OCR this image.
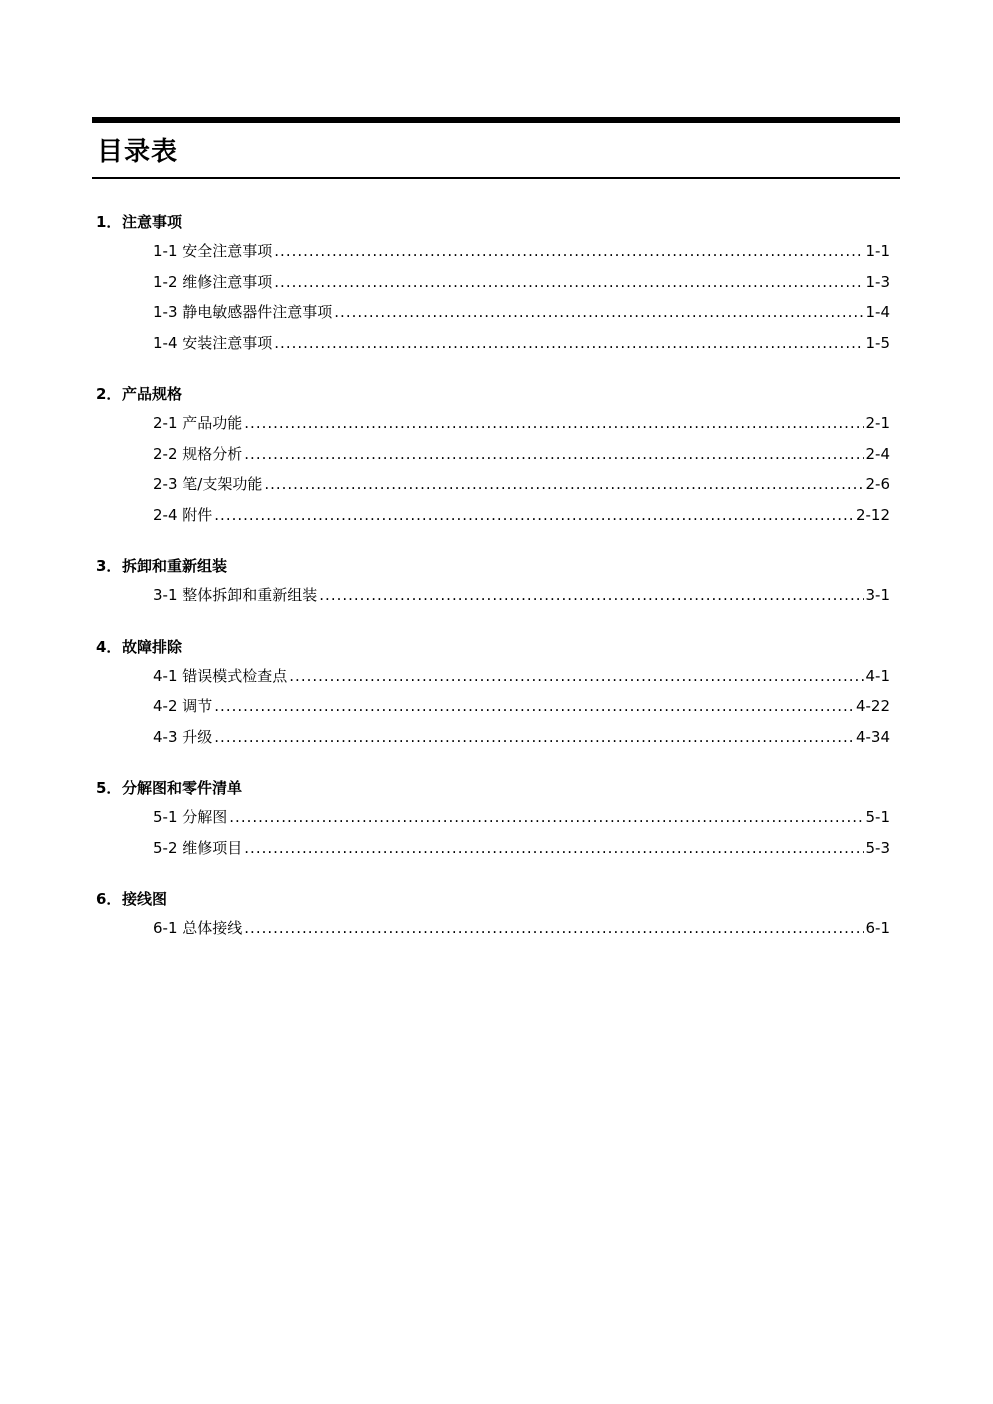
目录表
1． 注意事项
1-1 安全注意事项 .....	1-1
1-2 维修注意事项 .....	1-3
1-3 静电敏感器件注意事项 .....	1-4
1-4 安装注意事项 .....	1-5
2． 产品规格
2-1 产品功能 .....	2-1
2-2 规格分析 .....	2-4
2-3 笔/支架功能 .....	2-6
2-4 附件 .....	2-12
3． 拆卸和重新组装
3-1 整体拆卸和重新组装 .....	3-1
4． 故障排除
4-1 错误模式检查点 .....	4-1
4-2 调节 .....	4-22
4-3 升级 .....	4-34
5． 分解图和零件清单
5-1 分解图 .....	5-1
5-2 维修项目 .....	5-3
6． 接线图
6-1 总体接线 .....	6-1
